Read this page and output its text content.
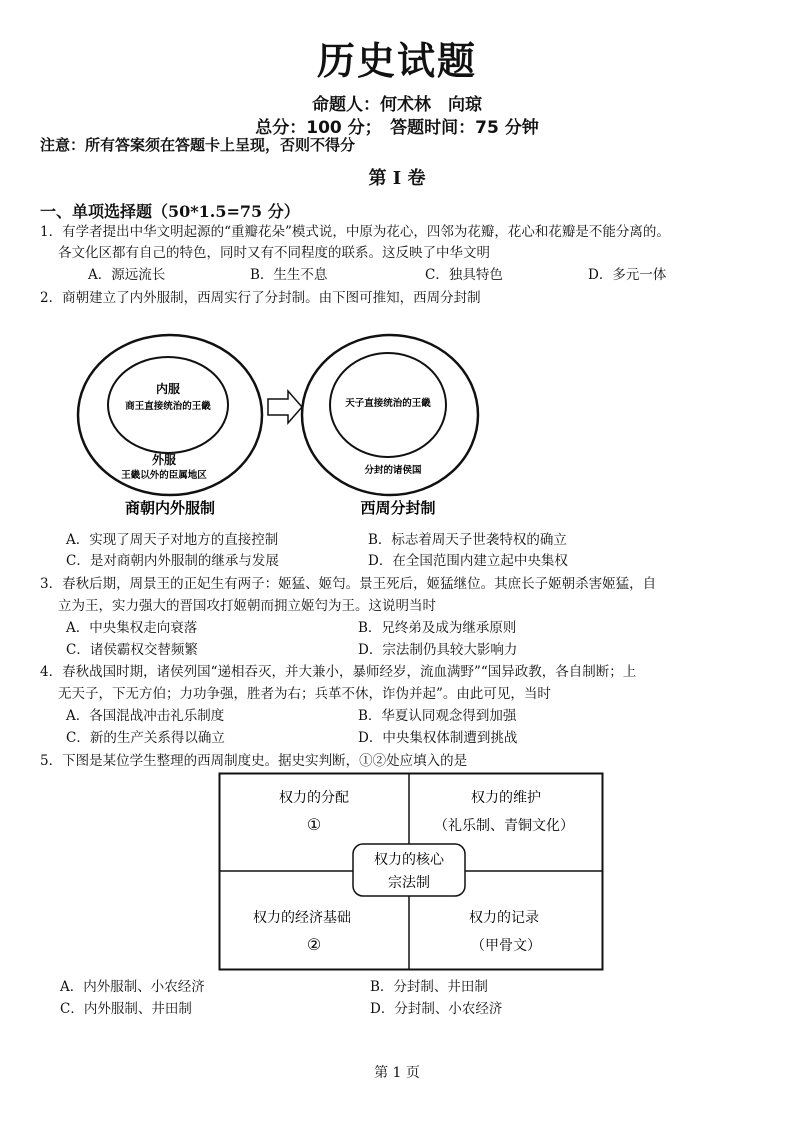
历史试题
命题人：何术林　向琼
总分：100 分；　答题时间：75 分钟
注意：所有答案须在答题卡上呈现，否则不得分
第 Ⅰ 卷
一、单项选择题（50*1.5=75 分）
1．有学者提出中华文明起源的“重瓣花朵”模式说，中原为花心，四邻为花瓣，花心和花瓣是不能分离的。
各文化区都有自己的特色，同时又有不同程度的联系。这反映了中华文明
A．源远流长	B．生生不息	C．独具特色	D．多元一体
2．商朝建立了内外服制，西周实行了分封制。由下图可推知，西周分封制
内服
商王直接统治的王畿
外服
王畿以外的臣属地区
天子直接统治的王畿
分封的诸侯国
商朝内外服制	西周分封制
A．实现了周天子对地方的直接控制	B．标志着周天子世袭特权的确立
C．是对商朝内外服制的继承与发展	D．在全国范围内建立起中央集权
3．春秋后期，周景王的正妃生有两子：姬猛、姬匄。景王死后，姬猛继位。其庶长子姬朝杀害姬猛，自
立为王，实力强大的晋国攻打姬朝而拥立姬匄为王。这说明当时
A．中央集权走向衰落	B．兄终弟及成为继承原则
C．诸侯霸权交替频繁	D．宗法制仍具较大影响力
4．春秋战国时期，诸侯列国“递相吞灭，并大兼小，暴师经岁，流血满野”“国异政教，各自制断；上
无天子，下无方伯；力功争强，胜者为右；兵革不休，诈伪并起”。由此可见，当时
A．各国混战冲击礼乐制度	B．华夏认同观念得到加强
C．新的生产关系得以确立	D．中央集权体制遭到挑战
5．下图是某位学生整理的西周制度史。据史实判断，①②处应填入的是
权力的分配
①
权力的维护
（礼乐制、青铜文化）
权力的核心
宗法制
权力的经济基础
②
权力的记录
（甲骨文）
A．内外服制、小农经济	B．分封制、井田制
C．内外服制、井田制	D．分封制、小农经济
第 1 页
